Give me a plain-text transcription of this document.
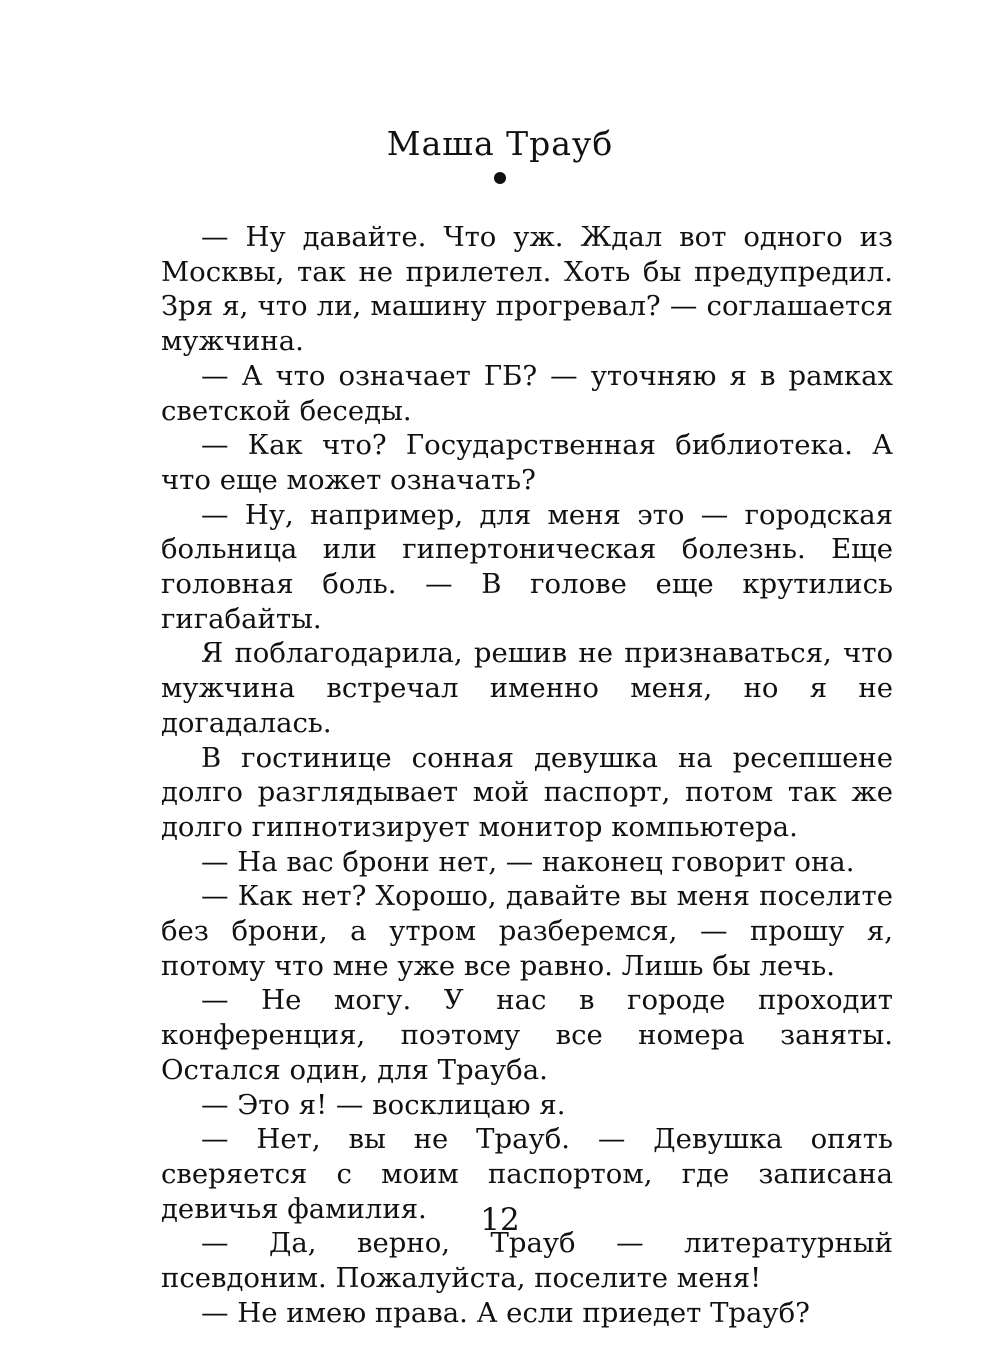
Маша Трауб

— Ну давайте. Что уж. Ждал вот одного из Москвы, так не прилетел. Хоть бы предупредил. Зря я, что ли, машину прогревал? — соглашается мужчина.

— А что означает ГБ? — уточняю я в рамках светской беседы.

— Как что? Государственная библиотека. А что еще может означать?

— Ну, например, для меня это — городская больница или гипертоническая болезнь. Еще головная боль. — В голове еще крутились гигабайты.

Я поблагодарила, решив не признаваться, что мужчина встречал именно меня, но я не догадалась.

В гостинице сонная девушка на ресепшене долго разглядывает мой паспорт, потом так же долго гипнотизирует монитор компьютера.

— На вас брони нет, — наконец говорит она.

— Как нет? Хорошо, давайте вы меня поселите без брони, а утром разберемся, — прошу я, потому что мне уже все равно. Лишь бы лечь.

— Не могу. У нас в городе проходит конференция, поэтому все номера заняты. Остался один, для Трауба.

— Это я! — восклицаю я.

— Нет, вы не Трауб. — Девушка опять сверяется с моим паспортом, где записана девичья фамилия.

— Да, верно, Трауб — литературный псевдоним. Пожалуйста, поселите меня!

— Не имею права. А если приедет Трауб?

12
